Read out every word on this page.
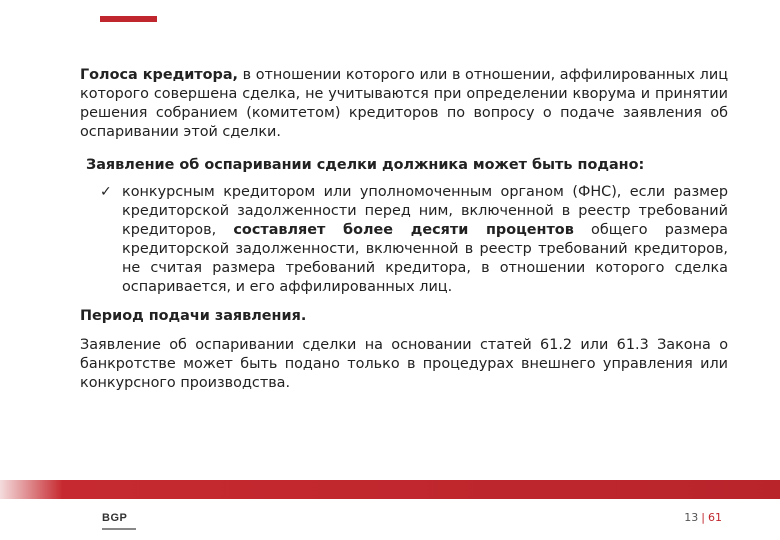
Голоса кредитора, в отношении которого или в отношении, аффилированных лиц которого совершена сделка, не учитываются при определении кворума и принятии решения собранием (комитетом) кредиторов по вопросу о подаче заявления об оспаривании этой сделки.

Заявление об оспаривании сделки должника может быть подано:

✓ конкурсным кредитором или уполномоченным органом (ФНС), если размер кредиторской задолженности перед ним, включенной в реестр требований кредиторов, составляет более десяти процентов общего размера кредиторской задолженности, включенной в реестр требований кредиторов, не считая размера требований кредитора, в отношении которого сделка оспаривается, и его аффилированных лиц.

Период подачи заявления.

Заявление об оспаривании сделки на основании статей 61.2 или 61.3 Закона о банкротстве может быть подано только в процедурах внешнего управления или конкурсного производства.

BGP	13 | 61
